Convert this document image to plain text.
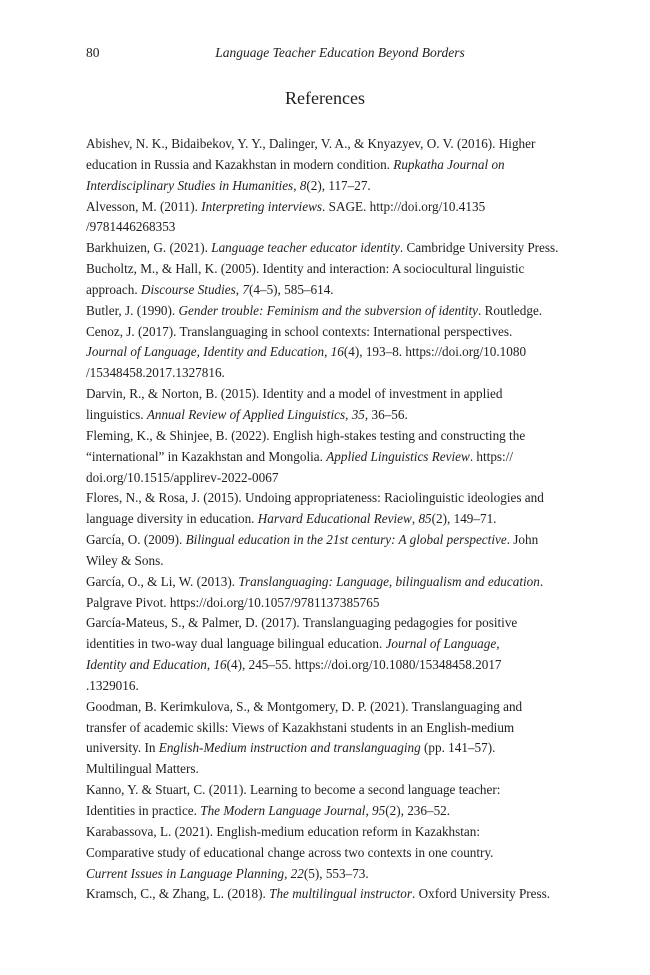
80	Language Teacher Education Beyond Borders
References
Abishev, N. K., Bidaibekov, Y. Y., Dalinger, V. A., & Knyazyev, O. V. (2016). Higher
education in Russia and Kazakhstan in modern condition. Rupkatha Journal on
Interdisciplinary Studies in Humanities, 8(2), 117–27.
Alvesson, M. (2011). Interpreting interviews. SAGE. http://doi.org/10.4135
/9781446268353
Barkhuizen, G. (2021). Language teacher educator identity. Cambridge University Press.
Bucholtz, M., & Hall, K. (2005). Identity and interaction: A sociocultural linguistic
approach. Discourse Studies, 7(4–5), 585–614.
Butler, J. (1990). Gender trouble: Feminism and the subversion of identity. Routledge.
Cenoz, J. (2017). Translanguaging in school contexts: International perspectives.
Journal of Language, Identity and Education, 16(4), 193–8. https://doi.org/10.1080
/15348458.2017.1327816.
Darvin, R., & Norton, B. (2015). Identity and a model of investment in applied
linguistics. Annual Review of Applied Linguistics, 35, 36–56.
Fleming, K., & Shinjee, B. (2022). English high-stakes testing and constructing the
“international” in Kazakhstan and Mongolia. Applied Linguistics Review. https://
doi.org/10.1515/applirev-2022-0067
Flores, N., & Rosa, J. (2015). Undoing appropriateness: Raciolinguistic ideologies and
language diversity in education. Harvard Educational Review, 85(2), 149–71.
García, O. (2009). Bilingual education in the 21st century: A global perspective. John
Wiley & Sons.
García, O., & Li, W. (2013). Translanguaging: Language, bilingualism and education.
Palgrave Pivot. https://doi.org/10.1057/9781137385765
García-Mateus, S., & Palmer, D. (2017). Translanguaging pedagogies for positive
identities in two-way dual language bilingual education. Journal of Language,
Identity and Education, 16(4), 245–55. https://doi.org/10.1080/15348458.2017
.1329016.
Goodman, B. Kerimkulova, S., & Montgomery, D. P. (2021). Translanguaging and
transfer of academic skills: Views of Kazakhstani students in an English-medium
university. In English-Medium instruction and translanguaging (pp. 141–57).
Multilingual Matters.
Kanno, Y. & Stuart, C. (2011). Learning to become a second language teacher:
Identities in practice. The Modern Language Journal, 95(2), 236–52.
Karabassova, L. (2021). English-medium education reform in Kazakhstan:
Comparative study of educational change across two contexts in one country.
Current Issues in Language Planning, 22(5), 553–73.
Kramsch, C., & Zhang, L. (2018). The multilingual instructor. Oxford University Press.
